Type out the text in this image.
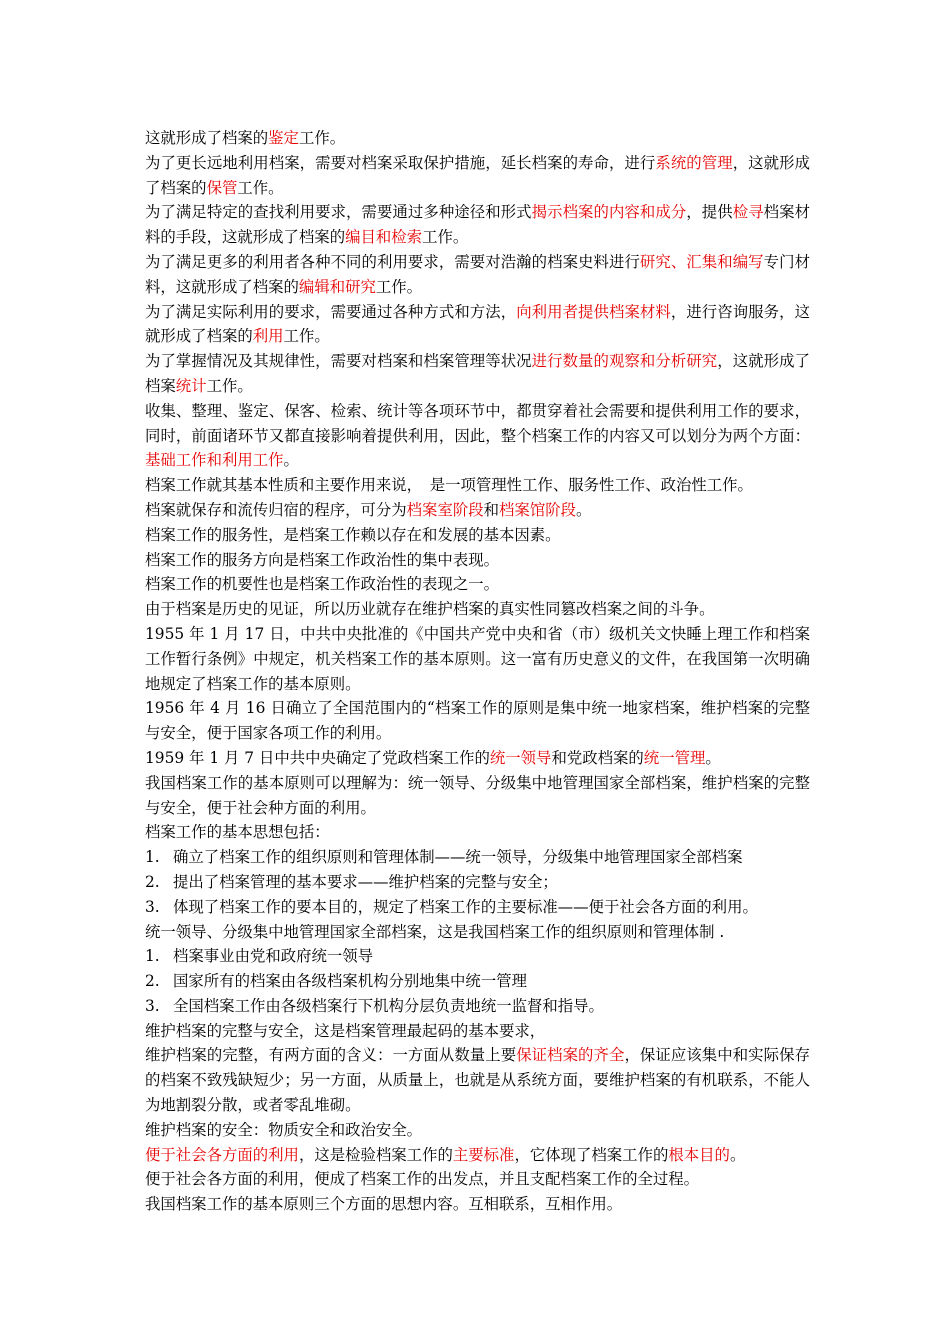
这就形成了档案的鉴定工作。

为了更长远地利用档案，需要对档案采取保护措施，延长档案的寿命，进行系统的管理，这就形成了档案的保管工作。

为了满足特定的查找利用要求，需要通过多种途径和形式揭示档案的内容和成分，提供检寻档案材料的手段，这就形成了档案的编目和检索工作。

为了满足更多的利用者各种不同的利用要求，需要对浩瀚的档案史料进行研究、汇集和编写专门材料，这就形成了档案的编辑和研究工作。

为了满足实际利用的要求，需要通过各种方式和方法，向利用者提供档案材料，进行咨询服务，这就形成了档案的利用工作。

为了掌握情况及其规律性，需要对档案和档案管理等状况进行数量的观察和分析研究，这就形成了档案统计工作。

收集、整理、鉴定、保客、检索、统计等各项环节中，都贯穿着社会需要和提供利用工作的要求，同时，前面诸环节又都直接影响着提供利用，因此，整个档案工作的内容又可以划分为两个方面：基础工作和利用工作。

档案工作就其基本性质和主要作用来说，　是一项管理性工作、服务性工作、政治性工作。

档案就保存和流传归宿的程序，可分为档案室阶段和档案馆阶段。

档案工作的服务性，是档案工作赖以存在和发展的基本因素。

档案工作的服务方向是档案工作政治性的集中表现。

档案工作的机要性也是档案工作政治性的表现之一。

由于档案是历史的见证，所以历业就存在维护档案的真实性同篡改档案之间的斗争。

1955 年 1 月 17 日，中共中央批准的《中国共产党中央和省（市）级机关文快睡上理工作和档案工作暂行条例》中规定，机关档案工作的基本原则。这一富有历史意义的文件，在我国第一次明确地规定了档案工作的基本原则。

1956 年 4 月 16 日确立了全国范围内的“档案工作的原则是集中统一地家档案，维护档案的完整与安全，便于国家各项工作的利用。

1959 年 1 月 7 日中共中央确定了党政档案工作的统一领导和党政档案的统一管理。

我国档案工作的基本原则可以理解为：统一领导、分级集中地管理国家全部档案，维护档案的完整与安全，便于社会种方面的利用。

档案工作的基本思想包括：

1. 确立了档案工作的组织原则和管理体制——统一领导，分级集中地管理国家全部档案
2. 提出了档案管理的基本要求——维护档案的完整与安全；
3. 体现了档案工作的要本目的，规定了档案工作的主要标准——便于社会各方面的利用。

统一领导、分级集中地管理国家全部档案，这是我国档案工作的组织原则和管理体制 .

1. 档案事业由党和政府统一领导
2. 国家所有的档案由各级档案机构分别地集中统一管理
3. 全国档案工作由各级档案行下机构分层负责地统一监督和指导。

维护档案的完整与安全，这是档案管理最起码的基本要求，

维护档案的完整，有两方面的含义：一方面从数量上要保证档案的齐全，保证应该集中和实际保存的档案不致残缺短少；另一方面，从质量上，也就是从系统方面，要维护档案的有机联系，不能人为地割裂分散，或者零乱堆砌。

维护档案的安全：物质安全和政治安全。

便于社会各方面的利用，这是检验档案工作的主要标准，它体现了档案工作的根本目的。

便于社会各方面的利用，便成了档案工作的出发点，并且支配档案工作的全过程。

我国档案工作的基本原则三个方面的思想内容。互相联系，互相作用。
